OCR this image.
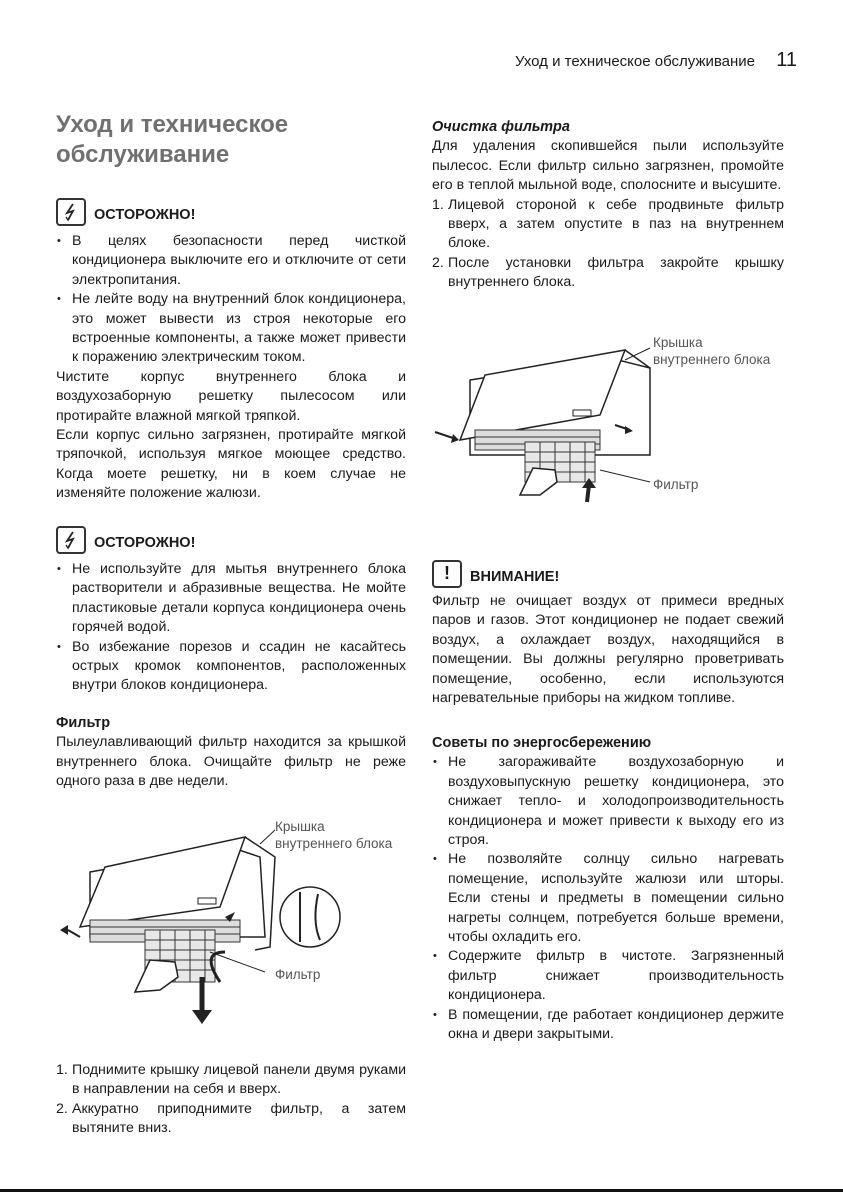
Уход и техническое обслуживание 11
Уход и техническое обслуживание
ОСТОРОЖНО!
• В целях безопасности перед чисткой кондиционера выключите его и отключите от сети электропитания.
• Не лейте воду на внутренний блок кондиционера, это может вывести из строя некоторые его встроенные компоненты, а также может привести к поражению электрическим током.

Чистите корпус внутреннего блока и воздухозаборную решетку пылесосом или протирайте влажной мягкой тряпкой.

Если корпус сильно загрязнен, протирайте мягкой тряпочкой, используя мягкое моющее средство. Когда моете решетку, ни в коем случае не изменяйте положение жалюзи.

ОСТОРОЖНО!
• Не используйте для мытья внутреннего блока растворители и абразивные вещества. Не мойте пластиковые детали корпуса кондиционера очень горячей водой.
• Во избежание порезов и ссадин не касайтесь острых кромок компонентов, расположенных внутри блоков кондиционера.
Фильтр

Пылеулавливающий фильтр находится за крышкой внутреннего блока. Очищайте фильтр не реже одного раза в две недели.

Крышка
внутреннего блока
Фильтр
1. Поднимите крышку лицевой панели двумя руками в направлении на себя и вверх.
2. Аккуратно приподнимите фильтр, а затем вытяните вниз.
Очистка фильтра

Для удаления скопившейся пыли используйте пылесос. Если фильтр сильно загрязнен, промойте его в теплой мыльной воде, сполосните и высушите.

1. Лицевой стороной к себе продвиньте фильтр вверх, а затем опустите в паз на внутреннем блоке.
2. После установки фильтра закройте крышку внутреннего блока.
Крышка
внутреннего блока
Фильтр
!	ВНИМАНИЕ!

Фильтр не очищает воздух от примеси вредных паров и газов. Этот кондиционер не подает свежий воздух, а охлаждает воздух, находящийся в помещении. Вы должны регулярно проветривать помещение, особенно, если используются нагревательные приборы на жидком топливе.

Советы по энергосбережению
• Не загораживайте воздухозаборную и воздуховыпускную решетку кондиционера, это снижает тепло- и холодопроизводительность кондиционера и может привести к выходу его из строя.
• Не позволяйте солнцу сильно нагревать помещение, используйте жалюзи или шторы. Если стены и предметы в помещении сильно нагреты солнцем, потребуется больше времени, чтобы охладить его.
• Содержите фильтр в чистоте. Загрязненный фильтр снижает производительность кондиционера.
• В помещении, где работает кондиционер держите окна и двери закрытыми.
